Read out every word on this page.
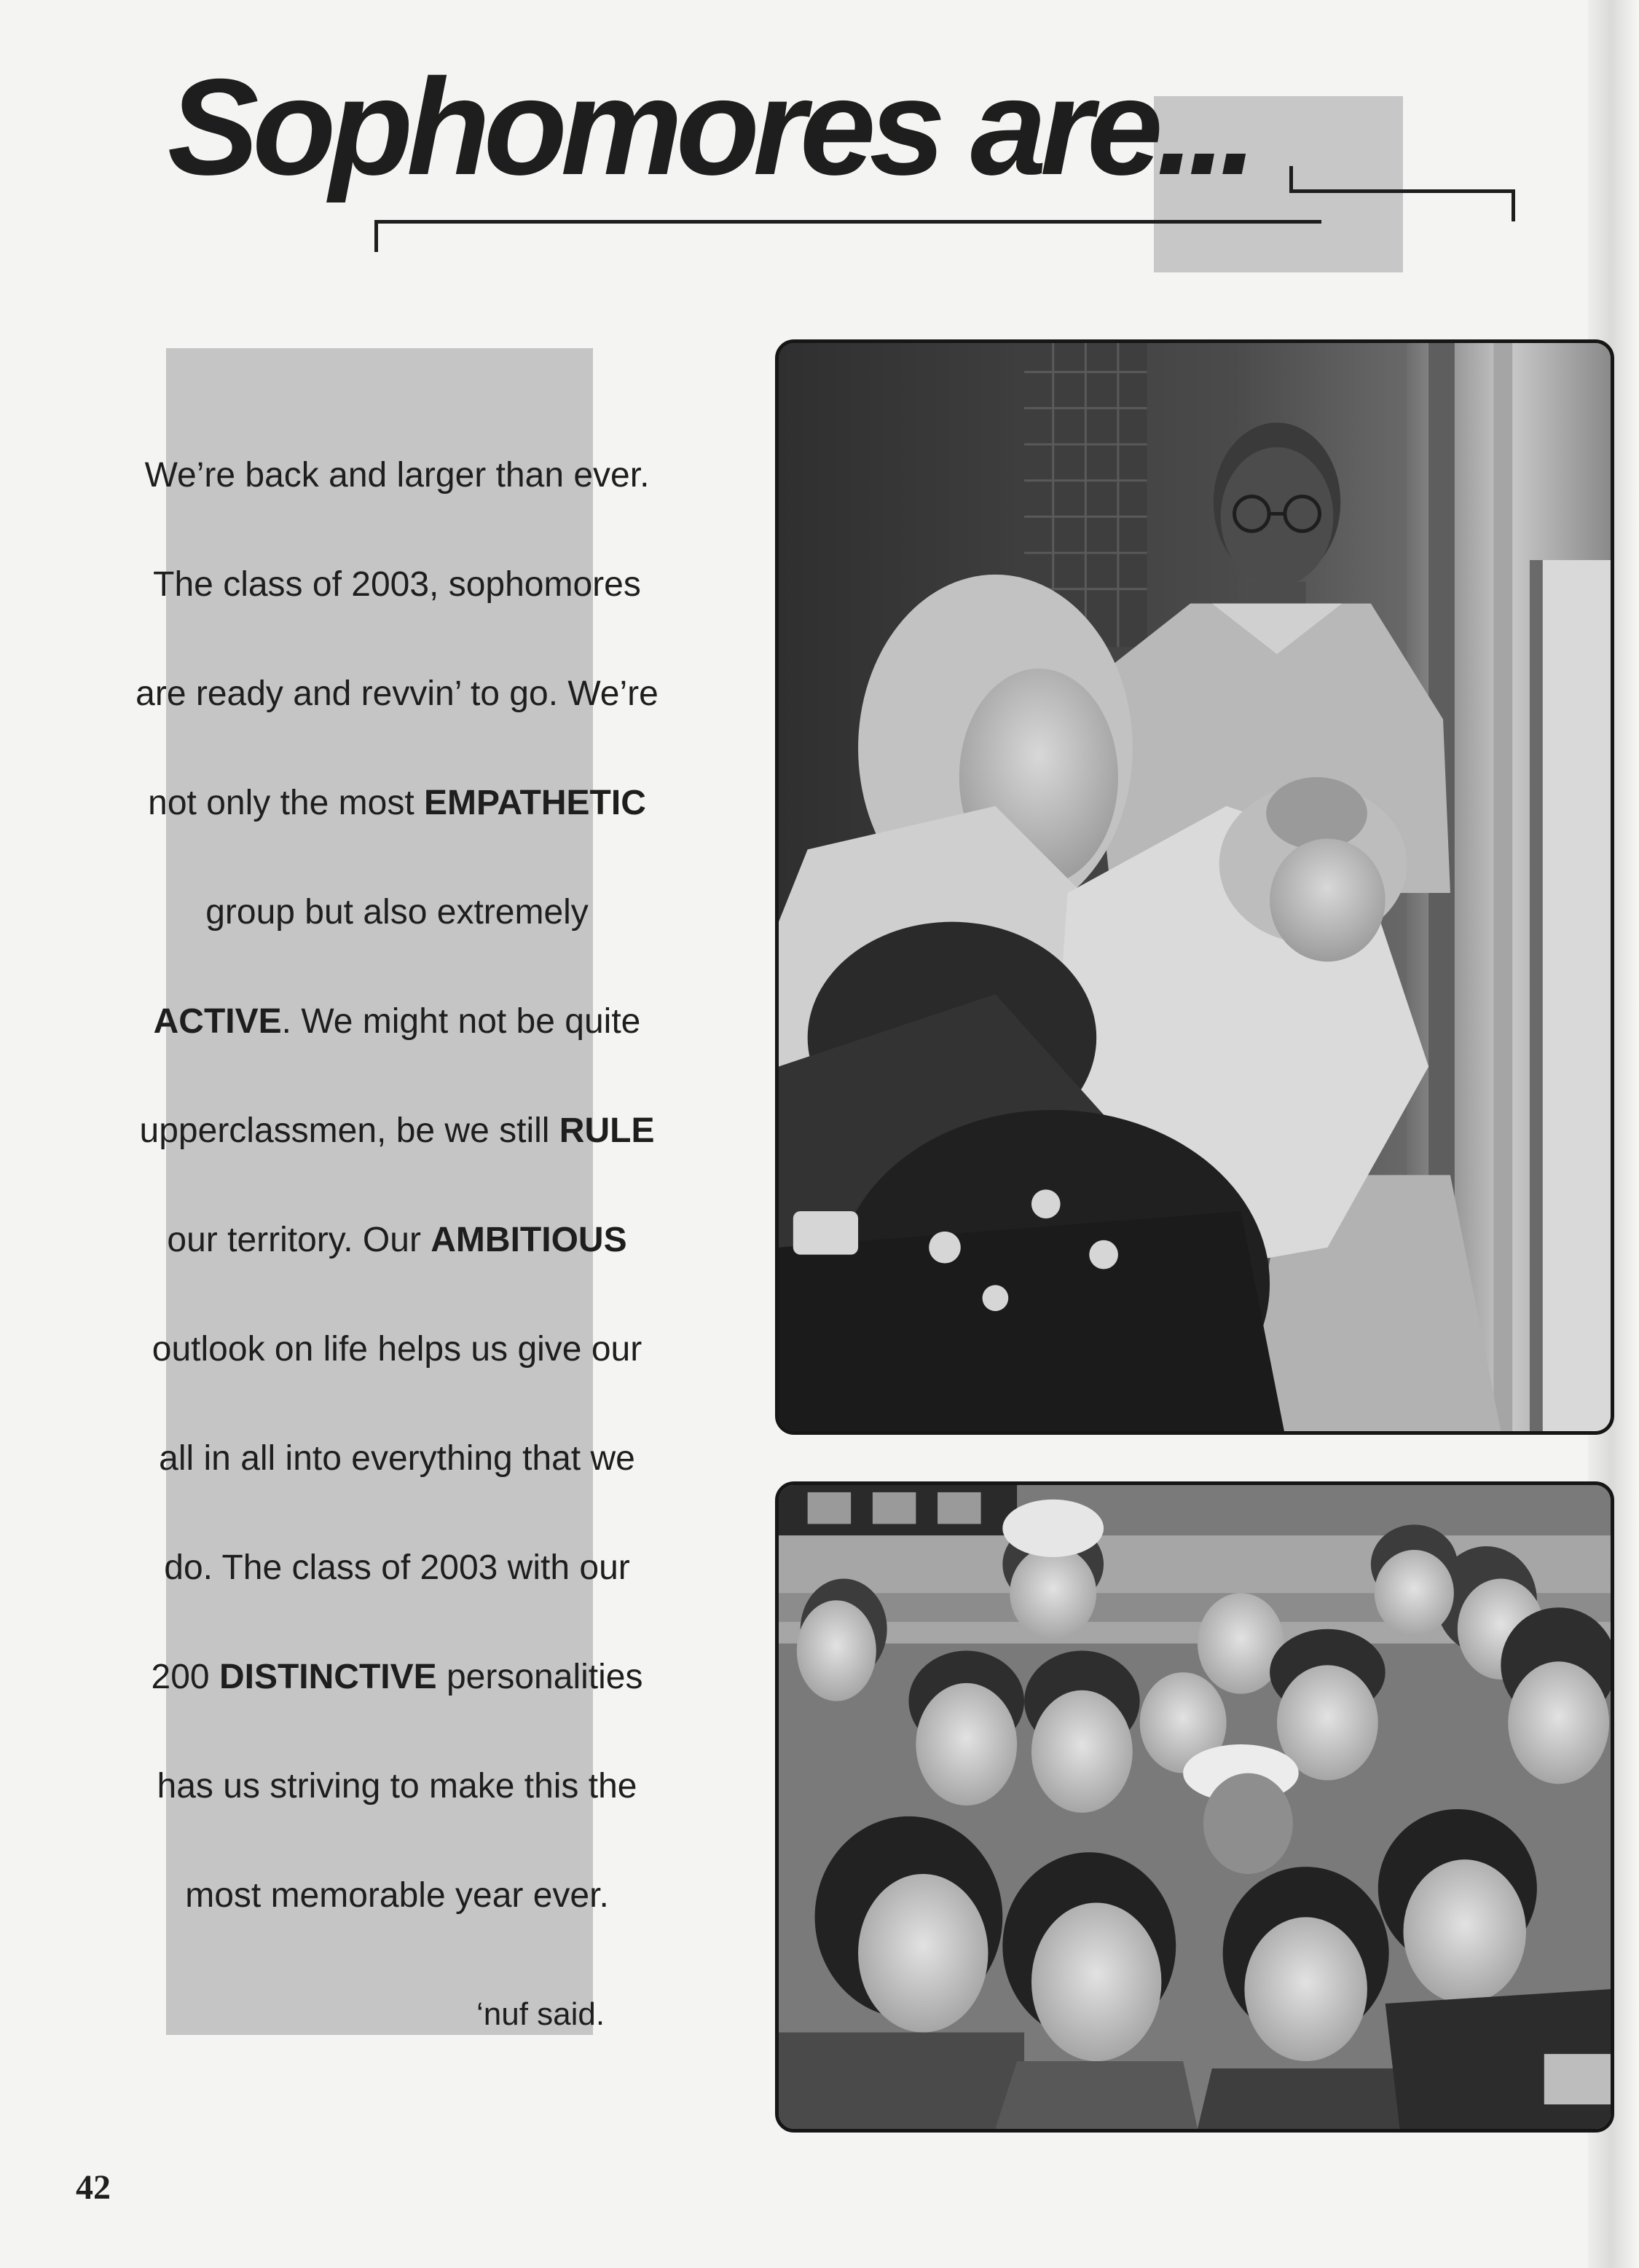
Sophomores are...
We’re back and larger than ever.
The class of 2003, sophomores
are ready and revvin’ to go. We’re
not only the most EMPATHETIC
group but also extremely
ACTIVE. We might not be quite
upperclassmen, be we still RULE
our territory. Our AMBITIOUS
outlook on life helps us give our
all in all into everything that we
do. The class of 2003 with our
200 DISTINCTIVE personalities
has us striving to make this the
most memorable year ever.
‘nuf said.
42
